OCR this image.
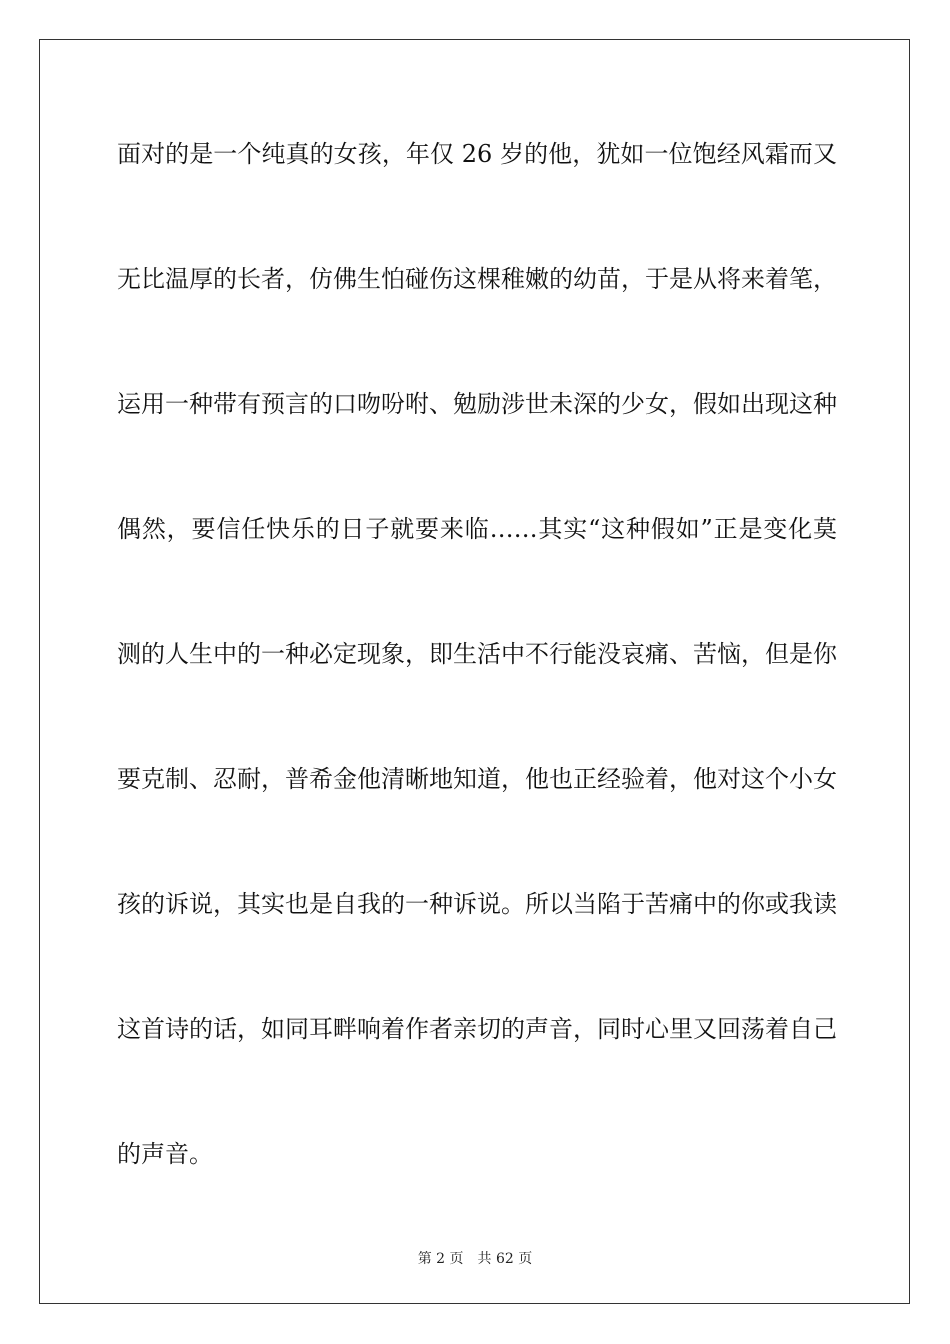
面对的是一个纯真的女孩，年仅 26 岁的他，犹如一位饱经风霜而又
无比温厚的长者，仿佛生怕碰伤这棵稚嫩的幼苗，于是从将来着笔，
运用一种带有预言的口吻吩咐、勉励涉世未深的少女，假如出现这种
偶然，要信任快乐的日子就要来临……其实“这种假如”正是变化莫
测的人生中的一种必定现象，即生活中不行能没哀痛、苦恼，但是你
要克制、忍耐，普希金他清晰地知道，他也正经验着，他对这个小女
孩的诉说，其实也是自我的一种诉说。所以当陷于苦痛中的你或我读
这首诗的话，如同耳畔响着作者亲切的声音，同时心里又回荡着自己
的声音。
第 2 页 共 62 页
